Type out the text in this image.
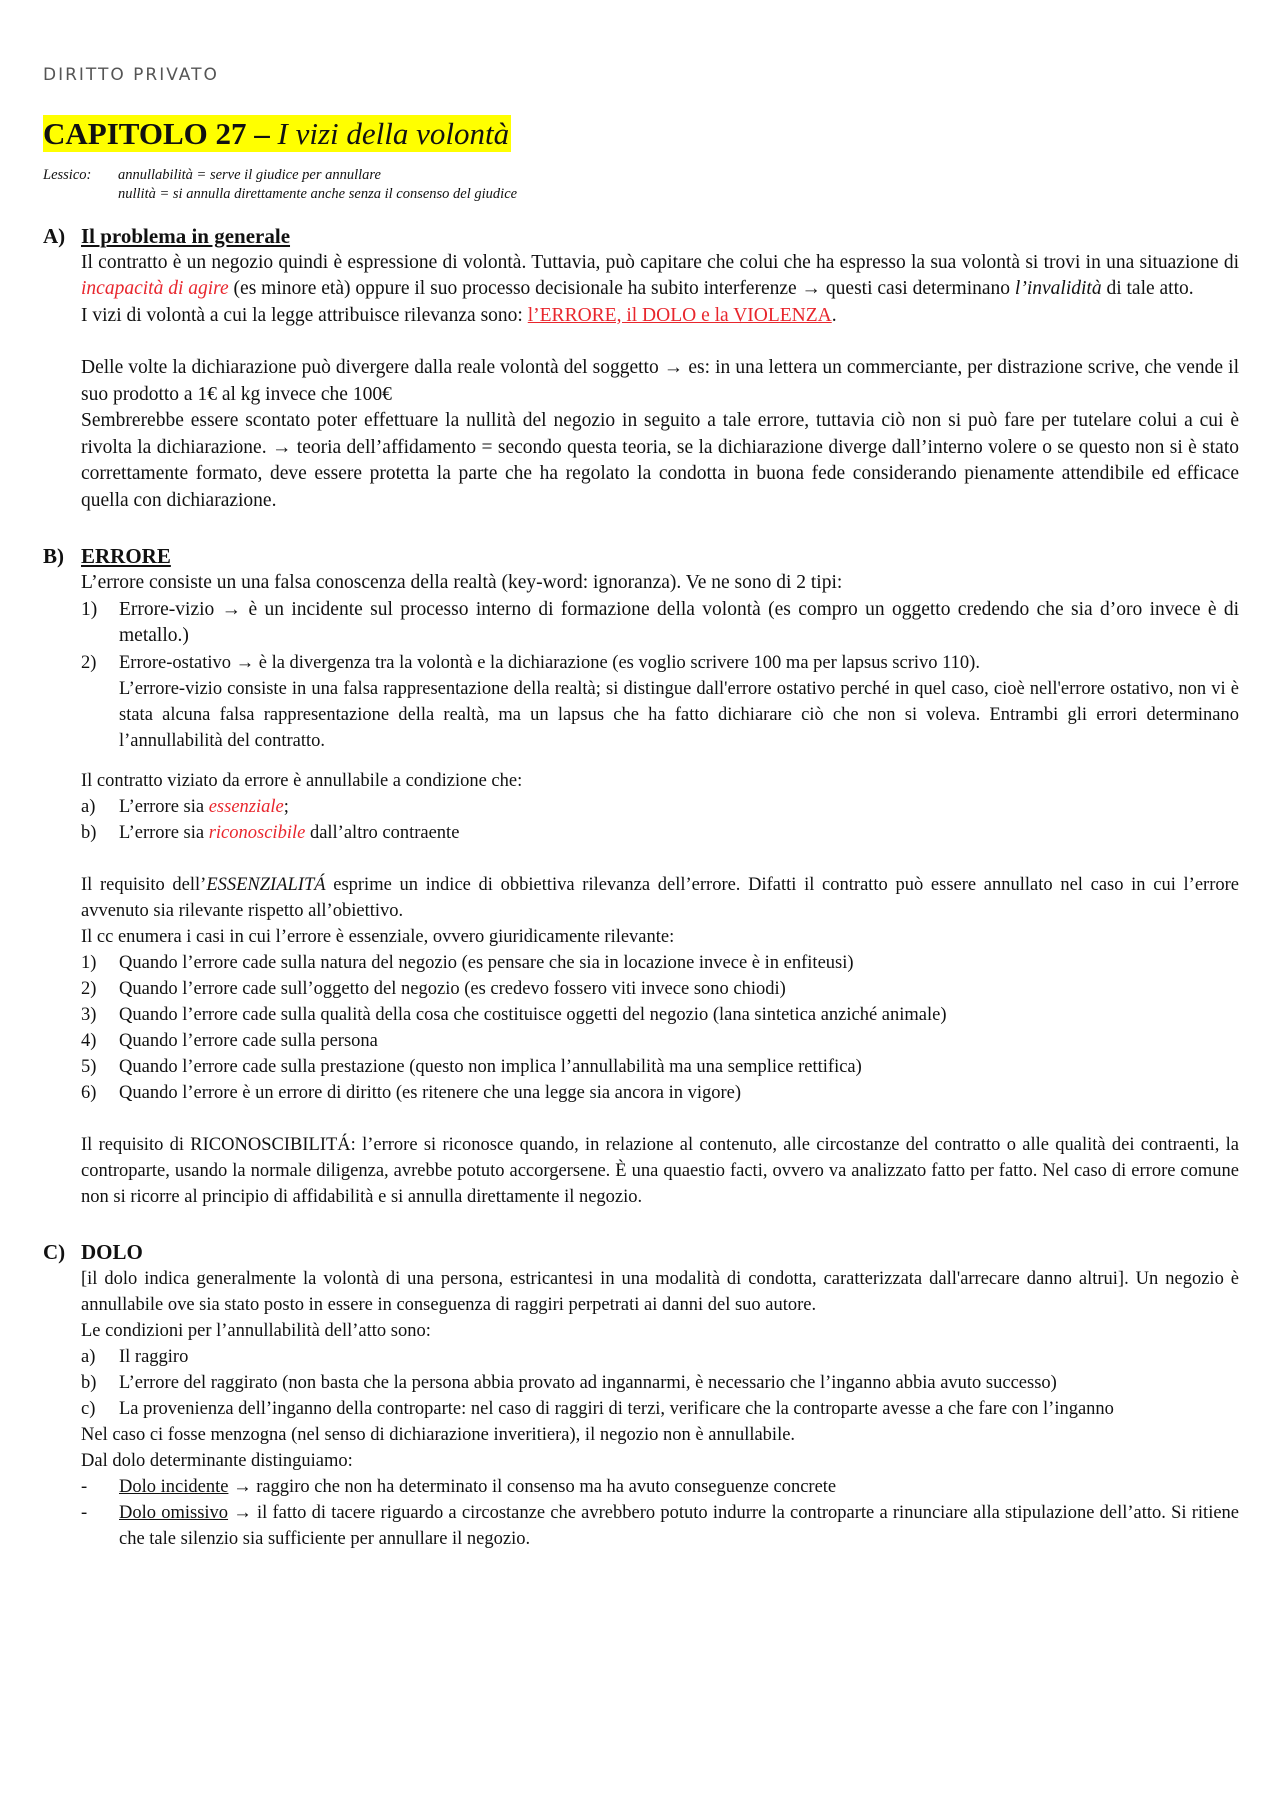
DIRITTO PRIVATO
CAPITOLO 27 – I vizi della volontà
Lessico:	annullabilità = serve il giudice per annullare
nullità = si annulla direttamente anche senza il consenso del giudice
A) Il problema in generale
Il contratto è un negozio quindi è espressione di volontà. Tuttavia, può capitare che colui che ha espresso la sua volontà si trovi in una situazione di incapacità di agire (es minore età) oppure il suo processo decisionale ha subito interferenze → questi casi determinano l’invalidità di tale atto.
I vizi di volontà a cui la legge attribuisce rilevanza sono: l’ERRORE, il DOLO e la VIOLENZA.
Delle volte la dichiarazione può divergere dalla reale volontà del soggetto → es: in una lettera un commerciante, per distrazione scrive, che vende il suo prodotto a 1€ al kg invece che 100€
Sembrerebbe essere scontato poter effettuare la nullità del negozio in seguito a tale errore, tuttavia ciò non si può fare per tutelare colui a cui è rivolta la dichiarazione. → teoria dell’affidamento = secondo questa teoria, se la dichiarazione diverge dall’interno volere o se questo non si è stato correttamente formato, deve essere protetta la parte che ha regolato la condotta in buona fede considerando pienamente attendibile ed efficace quella con dichiarazione.
B) ERRORE
L’errore consiste un una falsa conoscenza della realtà (key-word: ignoranza). Ve ne sono di 2 tipi:
1)	Errore-vizio → è un incidente sul processo interno di formazione della volontà (es compro un oggetto credendo che sia d’oro invece è di metallo.)
2)	Errore-ostativo → è la divergenza tra la volontà e la dichiarazione (es voglio scrivere 100 ma per lapsus scrivo 110).
L’errore-vizio consiste in una falsa rappresentazione della realtà; si distingue dall'errore ostativo perché in quel caso, cioè nell'errore ostativo, non vi è stata alcuna falsa rappresentazione della realtà, ma un lapsus che ha fatto dichiarare ciò che non si voleva. Entrambi gli errori determinano l’annullabilità del contratto.
Il contratto viziato da errore è annullabile a condizione che:
a)	L’errore sia essenziale;
b)	L’errore sia riconoscibile dall’altro contraente
Il requisito dell’ESSENZIALITÁ esprime un indice di obbiettiva rilevanza dell’errore. Difatti il contratto può essere annullato nel caso in cui l’errore avvenuto sia rilevante rispetto all’obiettivo.
Il cc enumera i casi in cui l’errore è essenziale, ovvero giuridicamente rilevante:
1)	Quando l’errore cade sulla natura del negozio (es pensare che sia in locazione invece è in enfiteusi)
2)	Quando l’errore cade sull’oggetto del negozio (es credevo fossero viti invece sono chiodi)
3)	Quando l’errore cade sulla qualità della cosa che costituisce oggetti del negozio (lana sintetica anziché animale)
4)	Quando l’errore cade sulla persona
5)	Quando l’errore cade sulla prestazione (questo non implica l’annullabilità ma una semplice rettifica)
6)	Quando l’errore è un errore di diritto (es ritenere che una legge sia ancora in vigore)
Il requisito di RICONOSCIBILITÁ: l’errore si riconosce quando, in relazione al contenuto, alle circostanze del contratto o alle qualità dei contraenti, la controparte, usando la normale diligenza, avrebbe potuto accorgersene. È una quaestio facti, ovvero va analizzato fatto per fatto. Nel caso di errore comune non si ricorre al principio di affidabilità e si annulla direttamente il negozio.
C) DOLO
[il dolo indica generalmente la volontà di una persona, estricantesi in una modalità di condotta, caratterizzata dall'arrecare danno altrui]. Un negozio è annullabile ove sia stato posto in essere in conseguenza di raggiri perpetrati ai danni del suo autore.
Le condizioni per l’annullabilità dell’atto sono:
a)	Il raggiro
b)	L’errore del raggirato (non basta che la persona abbia provato ad ingannarmi, è necessario che l’inganno abbia avuto successo)
c)	La provenienza dell’inganno della controparte: nel caso di raggiri di terzi, verificare che la controparte avesse a che fare con l’inganno
Nel caso ci fosse menzogna (nel senso di dichiarazione inveritiera), il negozio non è annullabile.
Dal dolo determinante distinguiamo:
-	Dolo incidente → raggiro che non ha determinato il consenso ma ha avuto conseguenze concrete
-	Dolo omissivo → il fatto di tacere riguardo a circostanze che avrebbero potuto indurre la controparte a rinunciare alla stipulazione dell’atto. Si ritiene che tale silenzio sia sufficiente per annullare il negozio.
